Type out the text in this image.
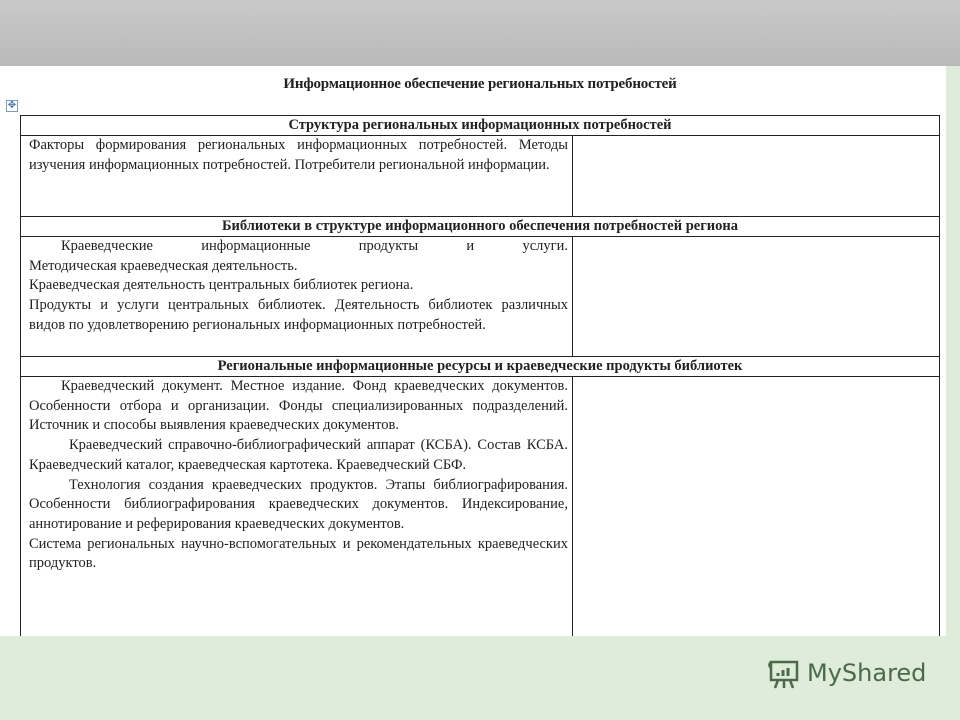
Информационное обеспечение региональных потребностей
✥
Структура региональных информационных потребностей	

Факторы формирования региональных информационных потребностей. Методы изучения информационных потребностей. Потребители региональной информации.	

Библиотеки в структуре информационного обеспечения потребностей региона	

Краеведческие информационные продукты и услуги.

Методическая краеведческая деятельность.

Краеведческая деятельность центральных библиотек региона.

Продукты и услуги центральных библиотек. Деятельность библиотек различных видов по удовлетворению региональных информационных потребностей.	

Региональные информационные ресурсы и краеведческие продукты библиотек	

Краеведческий документ. Местное издание. Фонд краеведческих документов. Особенности отбора и организации. Фонды специализированных подразделений. Источник и способы выявления краеведческих документов.

Краеведческий справочно-библиографический аппарат (КСБА). Состав КСБА. Краеведческий каталог, краеведческая картотека. Краеведческий СБФ.

Технология создания краеведческих продуктов. Этапы библиографирования. Особенности библиографирования краеведческих документов. Индексирование, аннотирование и реферирования краеведческих документов.

Система региональных научно-вспомогательных и рекомендательных краеведческих продуктов.	

MyShared
